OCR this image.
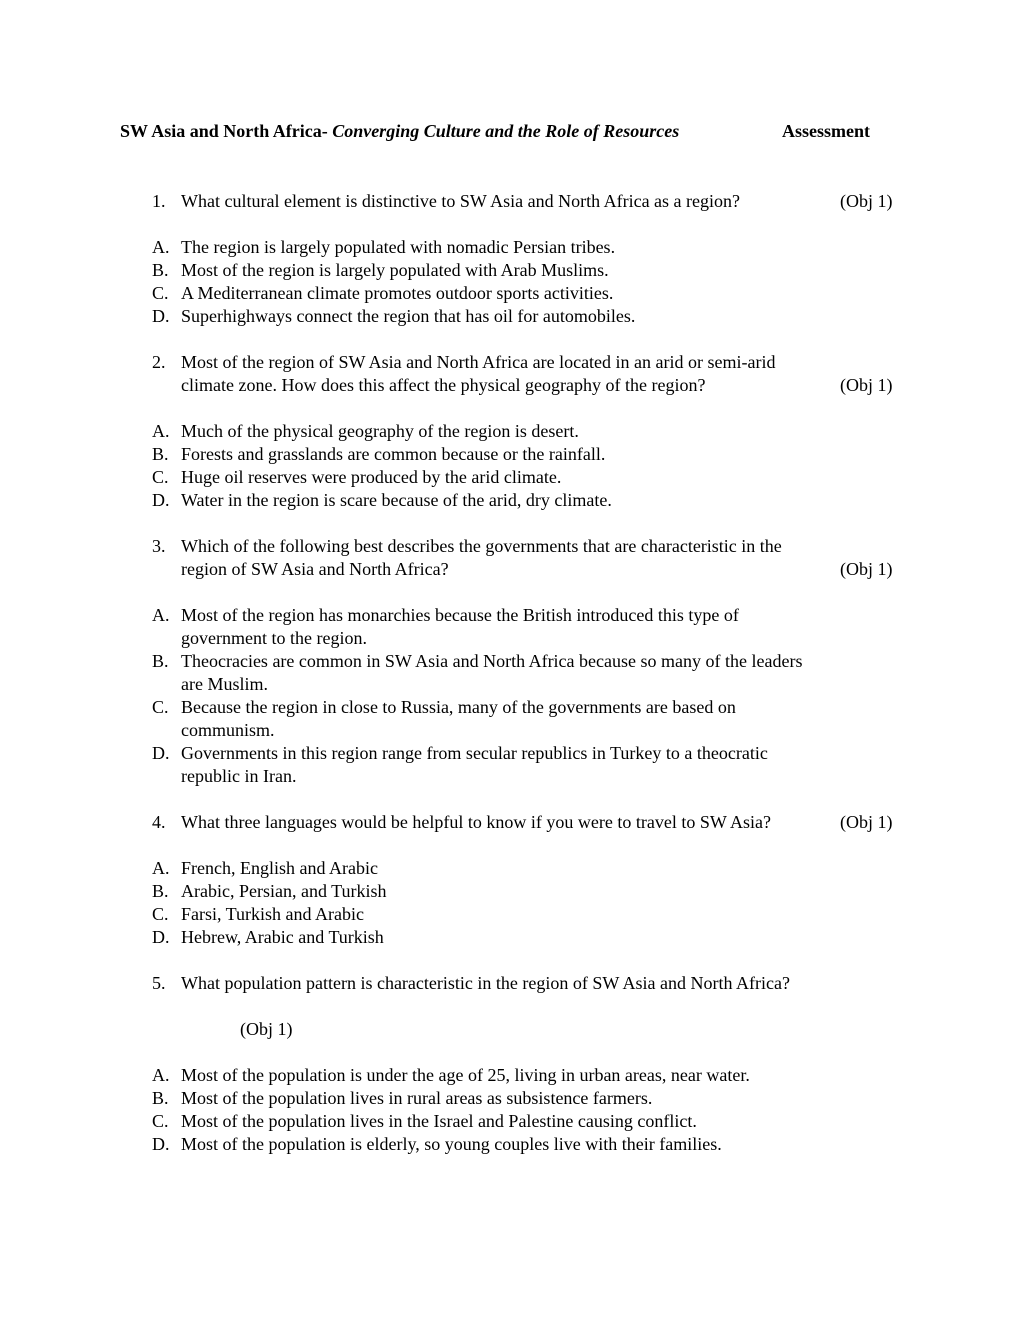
SW Asia and North Africa- Converging Culture and the Role of Resources	Assessment
1. What cultural element is distinctive to SW Asia and North Africa as a region?	(Obj 1)
A. The region is largely populated with nomadic Persian tribes.
B. Most of the region is largely populated with Arab Muslims.
C. A Mediterranean climate promotes outdoor sports activities.
D. Superhighways connect the region that has oil for automobiles.
2. Most of the region of SW Asia and North Africa are located in an arid or semi-arid
climate zone. How does this affect the physical geography of the region?	(Obj 1)
A. Much of the physical geography of the region is desert.
B. Forests and grasslands are common because or the rainfall.
C. Huge oil reserves were produced by the arid climate.
D. Water in the region is scare because of the arid, dry climate.
3. Which of the following best describes the governments that are characteristic in the
region of SW Asia and North Africa?	(Obj 1)
A. Most of the region has monarchies because the British introduced this type of
government to the region.
B. Theocracies are common in SW Asia and North Africa because so many of the leaders
are Muslim.
C. Because the region in close to Russia, many of the governments are based on
communism.
D. Governments in this region range from secular republics in Turkey to a theocratic
republic in Iran.
4. What three languages would be helpful to know if you were to travel to SW Asia?	(Obj 1)
A. French, English and Arabic
B. Arabic, Persian, and Turkish
C. Farsi, Turkish and Arabic
D. Hebrew, Arabic and Turkish
5. What population pattern is characteristic in the region of SW Asia and North Africa?
(Obj 1)
A. Most of the population is under the age of 25, living in urban areas, near water.
B. Most of the population lives in rural areas as subsistence farmers.
C. Most of the population lives in the Israel and Palestine causing conflict.
D. Most of the population is elderly, so young couples live with their families.
